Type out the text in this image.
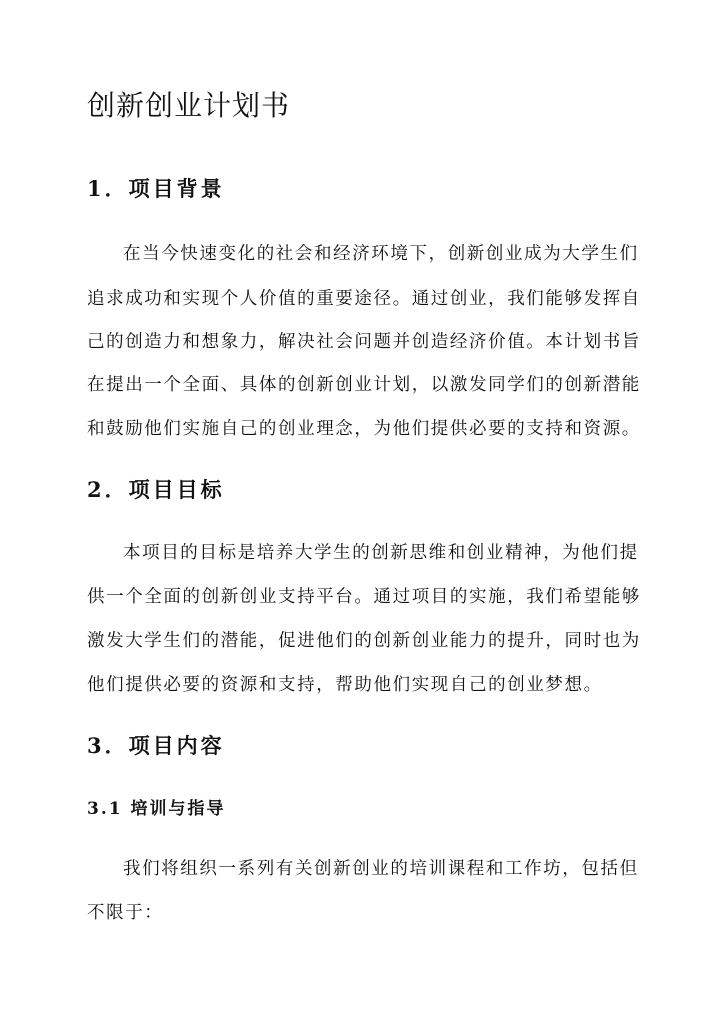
创新创业计划书
1．项目背景
在当今快速变化的社会和经济环境下，创新创业成为大学生们
追求成功和实现个人价值的重要途径。通过创业，我们能够发挥自
己的创造力和想象力，解决社会问题并创造经济价值。本计划书旨
在提出一个全面、具体的创新创业计划，以激发同学们的创新潜能
和鼓励他们实施自己的创业理念，为他们提供必要的支持和资源。
2．项目目标
本项目的目标是培养大学生的创新思维和创业精神，为他们提
供一个全面的创新创业支持平台。通过项目的实施，我们希望能够
激发大学生们的潜能，促进他们的创新创业能力的提升，同时也为
他们提供必要的资源和支持，帮助他们实现自己的创业梦想。
3．项目内容
3.1 培训与指导
我们将组织一系列有关创新创业的培训课程和工作坊，包括但
不限于：
